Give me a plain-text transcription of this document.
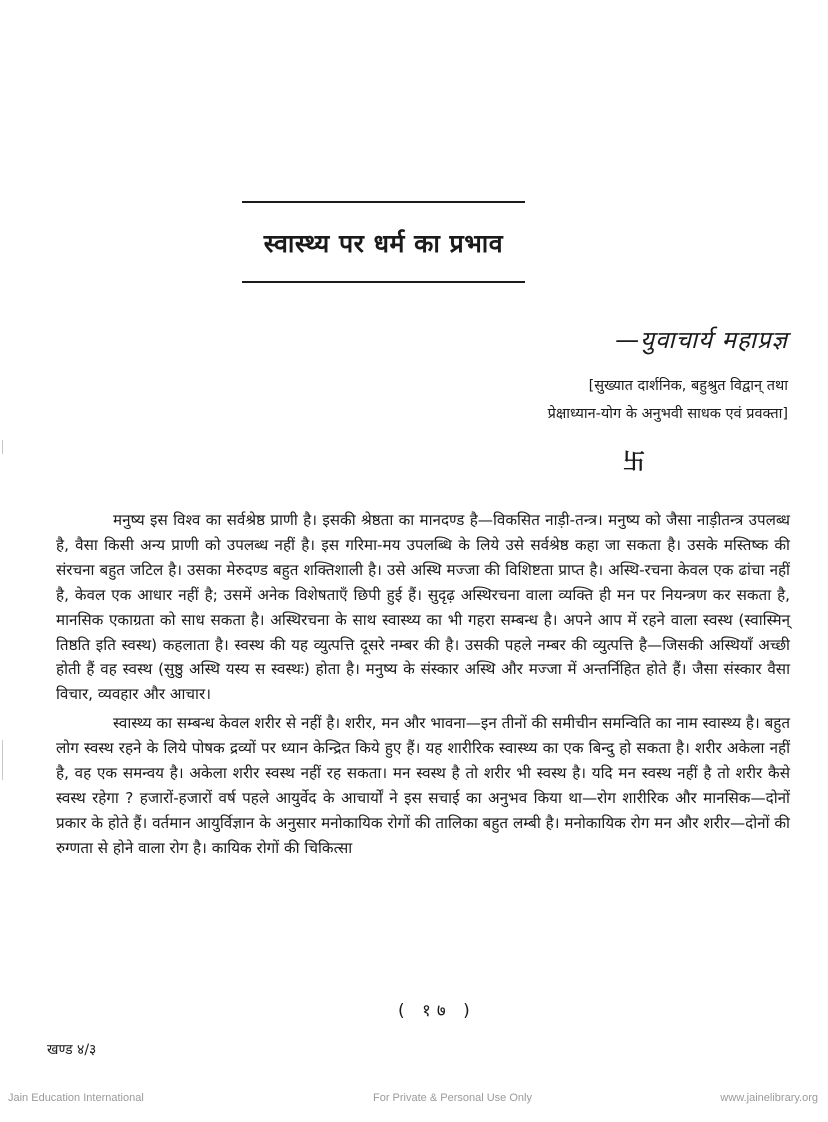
स्वास्थ्य पर धर्म का प्रभाव
—युवाचार्य महाप्रज्ञ
[सुख्यात दार्शनिक, बहुश्रुत विद्वान् तथा
प्रेक्षाध्यान-योग के अनुभवी साधक एवं प्रवक्ता]
卐

मनुष्य इस विश्व का सर्वश्रेष्ठ प्राणी है। इसकी श्रेष्ठता का मानदण्ड है—विकसित नाड़ी-तन्त्र। मनुष्य को जैसा नाड़ीतन्त्र उपलब्ध है, वैसा किसी अन्य प्राणी को उपलब्ध नहीं है। इस गरिमा-मय उपलब्धि के लिये उसे सर्वश्रेष्ठ कहा जा सकता है। उसके मस्तिष्क की संरचना बहुत जटिल है। उसका मेरुदण्ड बहुत शक्तिशाली है। उसे अस्थि मज्जा की विशिष्टता प्राप्त है। अस्थि-रचना केवल एक ढांचा नहीं है, केवल एक आधार नहीं है; उसमें अनेक विशेषताएँ छिपी हुई हैं। सुदृढ़ अस्थिरचना वाला व्यक्ति ही मन पर नियन्त्रण कर सकता है, मानसिक एकाग्रता को साध सकता है। अस्थिरचना के साथ स्वास्थ्य का भी गहरा सम्बन्ध है। अपने आप में रहने वाला स्वस्थ (स्वास्मिन् तिष्ठति इति स्वस्थ) कहलाता है। स्वस्थ की यह व्युत्पत्ति दूसरे नम्बर की है। उसकी पहले नम्बर की व्युत्पत्ति है—जिसकी अस्थियाँ अच्छी होती हैं वह स्वस्थ (सुष्ठु अस्थि यस्य स स्वस्थः) होता है। मनुष्य के संस्कार अस्थि और मज्जा में अन्तर्निहित होते हैं। जैसा संस्कार वैसा विचार, व्यवहार और आचार।

स्वास्थ्य का सम्बन्ध केवल शरीर से नहीं है। शरीर, मन और भावना—इन तीनों की समीचीन समन्विति का नाम स्वास्थ्य है। बहुत लोग स्वस्थ रहने के लिये पोषक द्रव्यों पर ध्यान केन्द्रित किये हुए हैं। यह शारीरिक स्वास्थ्य का एक बिन्दु हो सकता है। शरीर अकेला नहीं है, वह एक समन्वय है। अकेला शरीर स्वस्थ नहीं रह सकता। मन स्वस्थ है तो शरीर भी स्वस्थ है। यदि मन स्वस्थ नहीं है तो शरीर कैसे स्वस्थ रहेगा ? हजारों-हजारों वर्ष पहले आयुर्वेद के आचार्यों ने इस सचाई का अनुभव किया था—रोग शारीरिक और मानसिक—दोनों प्रकार के होते हैं। वर्तमान आयुर्विज्ञान के अनुसार मनोकायिक रोगों की तालिका बहुत लम्बी है। मनोकायिक रोग मन और शरीर—दोनों की रुग्णता से होने वाला रोग है। कायिक रोगों की चिकित्सा

( १७ )
खण्ड ४/३
Jain Education International	For Private & Personal Use Only	www.jainelibrary.org
